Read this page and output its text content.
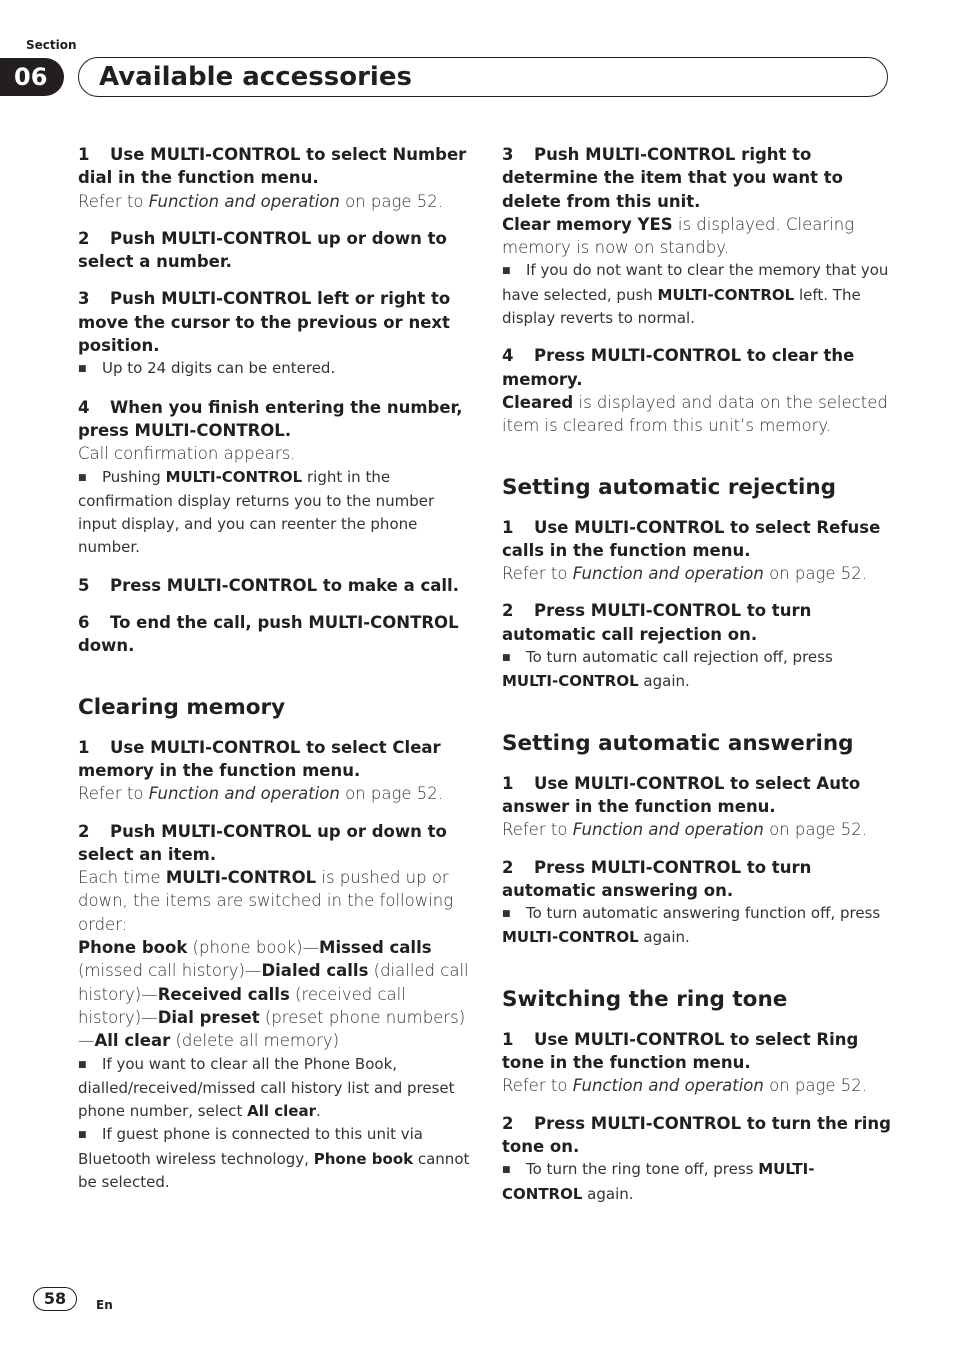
Section
06	Available accessories
1 Use MULTI-CONTROL to select Number dial in the function menu.

Refer to Function and operation on page 52.

2 Push MULTI-CONTROL up or down to select a number.
3 Push MULTI-CONTROL left or right to move the cursor to the previous or next position.

■ Up to 24 digits can be entered.

4 When you finish entering the number, press MULTI-CONTROL.

Call confirmation appears.

■ Pushing MULTI-CONTROL right in the confirmation display returns you to the number input display, and you can reenter the phone number.

5 Press MULTI-CONTROL to make a call.
6 To end the call, push MULTI-CONTROL down.
Clearing memory
1 Use MULTI-CONTROL to select Clear memory in the function menu.

Refer to Function and operation on page 52.

2 Push MULTI-CONTROL up or down to select an item.

Each time MULTI-CONTROL is pushed up or down, the items are switched in the following order:

Phone book (phone book)—Missed calls (missed call history)—Dialed calls (dialled call history)—Received calls (received call history)—Dial preset (preset phone numbers)—All clear (delete all memory)

■ If you want to clear all the Phone Book, dialled/received/missed call history list and preset phone number, select All clear.

■ If guest phone is connected to this unit via Bluetooth wireless technology, Phone book cannot be selected.

3 Push MULTI-CONTROL right to determine the item that you want to delete from this unit.

Clear memory YES is displayed. Clearing memory is now on standby.

■ If you do not want to clear the memory that you have selected, push MULTI-CONTROL left. The display reverts to normal.

4 Press MULTI-CONTROL to clear the memory.

Cleared is displayed and data on the selected item is cleared from this unit’s memory.

Setting automatic rejecting
1 Use MULTI-CONTROL to select Refuse calls in the function menu.

Refer to Function and operation on page 52.

2 Press MULTI-CONTROL to turn automatic call rejection on.

■ To turn automatic call rejection off, press MULTI-CONTROL again.

Setting automatic answering
1 Use MULTI-CONTROL to select Auto answer in the function menu.

Refer to Function and operation on page 52.

2 Press MULTI-CONTROL to turn automatic answering on.

■ To turn automatic answering function off, press MULTI-CONTROL again.

Switching the ring tone
1 Use MULTI-CONTROL to select Ring tone in the function menu.

Refer to Function and operation on page 52.

2 Press MULTI-CONTROL to turn the ring tone on.

■ To turn the ring tone off, press MULTI-CONTROL again.

58	En
